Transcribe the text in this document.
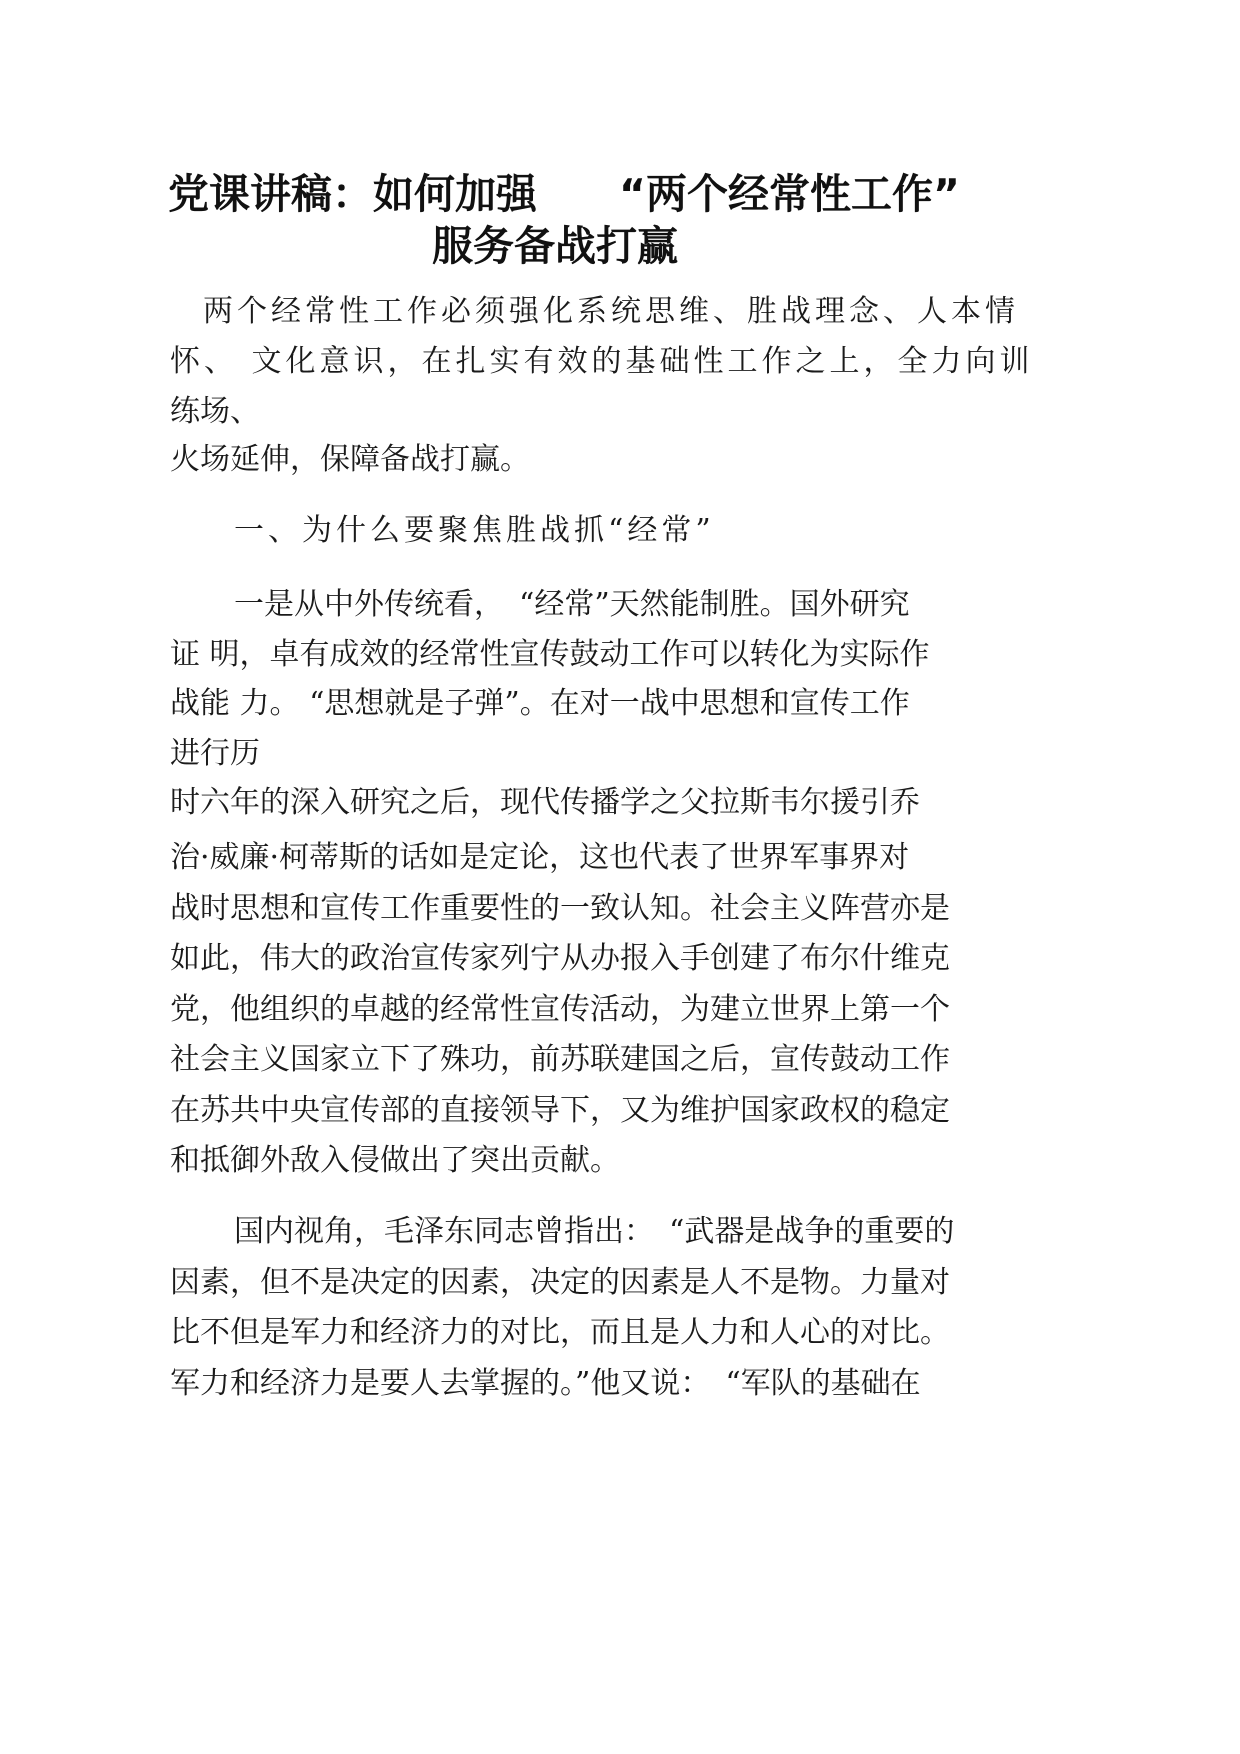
党课讲稿：如何加强　　“两个经常性工作”
服务备战打赢
两个经常性工作必须强化系统思维、胜战理念、人本情
怀、 文化意识，在扎实有效的基础性工作之上，全力向训
练场、
火场延伸，保障备战打赢。
一、为什么要聚焦胜战抓“经常”
一是从中外传统看，　“经常”天然能制胜。国外研究
证 明，卓有成效的经常性宣传鼓动工作可以转化为实际作
战能 力。 “思想就是子弹”。在对一战中思想和宣传工作
进行历
时六年的深入研究之后，现代传播学之父拉斯韦尔援引乔
治·威廉·柯蒂斯的话如是定论，这也代表了世界军事界对
战时思想和宣传工作重要性的一致认知。社会主义阵营亦是
如此，伟大的政治宣传家列宁从办报入手创建了布尔什维克
党，他组织的卓越的经常性宣传活动，为建立世界上第一个
社会主义国家立下了殊功，前苏联建国之后，宣传鼓动工作
在苏共中央宣传部的直接领导下，又为维护国家政权的稳定
和抵御外敌入侵做出了突出贡献。
国内视角，毛泽东同志曾指出：　“武器是战争的重要的
因素，但不是决定的因素，决定的因素是人不是物。力量对
比不但是军力和经济力的对比，而且是人力和人心的对比。
军力和经济力是要人去掌握的。”他又说：　“军队的基础在
